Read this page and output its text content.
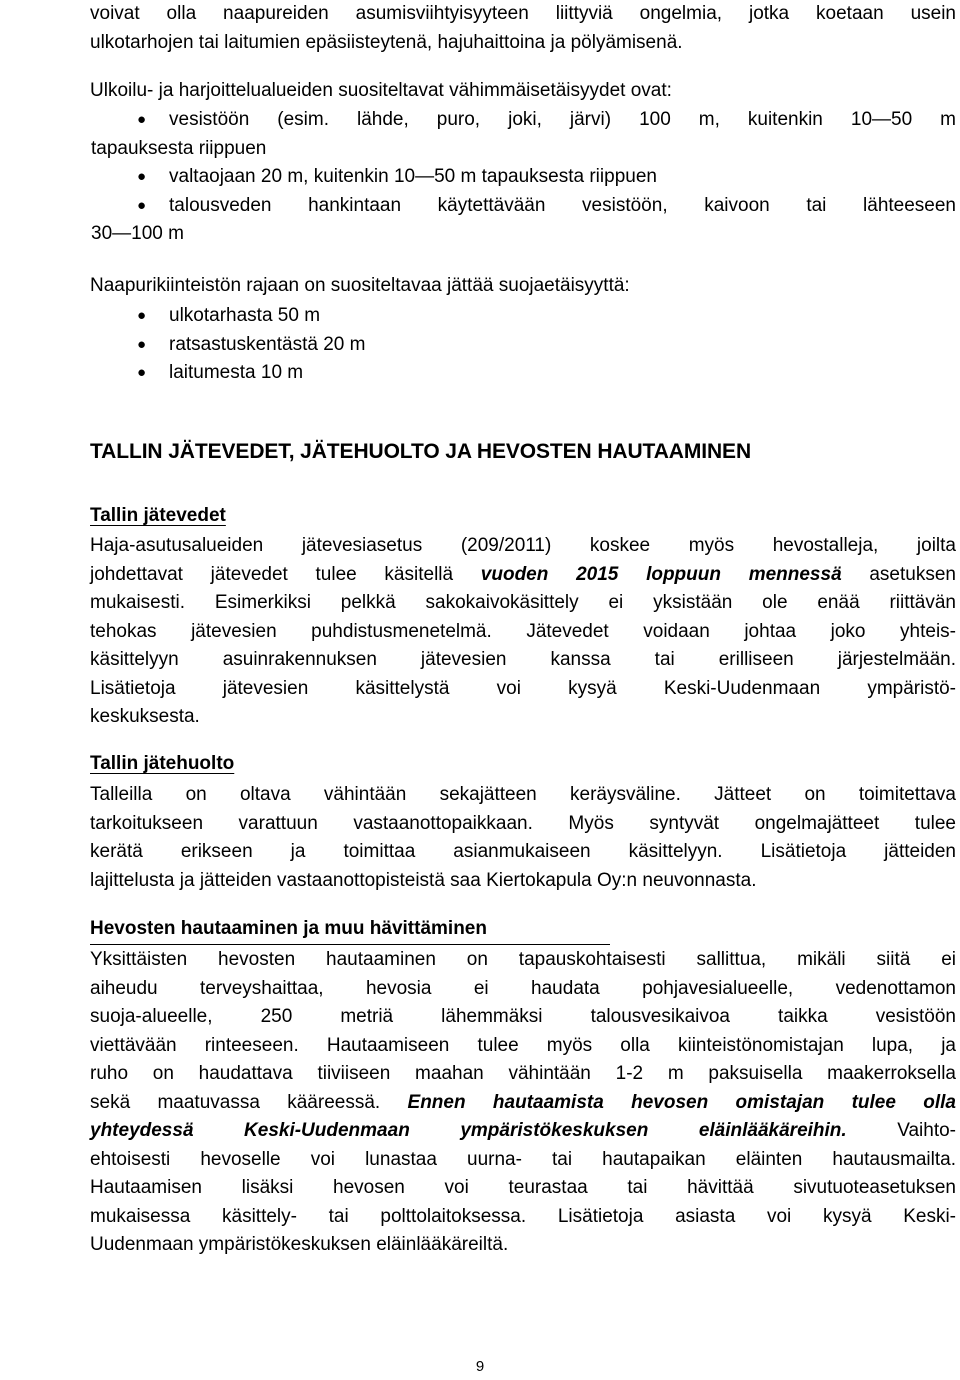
voivat olla naapureiden asumisviihtyisyyteen liittyviä ongelmia, jotka koetaan usein
ulkotarhojen tai laitumien epäsiisteytenä, hajuhaittoina ja pölyämisenä.

Ulkoilu- ja harjoittelualueiden suositeltavat vähimmäisetäisyydet ovat:

●	vesistöön (esim. lähde, puro, joki, järvi) 100 m, kuitenkin 10—50 m
tapauksesta riippuen
● valtaojaan 20 m, kuitenkin 10—50 m tapauksesta riippuen
● talousveden hankintaan käytettävään vesistöön, kaivoon tai lähteeseen
30—100 m

Naapurikiinteistön rajaan on suositeltavaa jättää suojaetäisyyttä:

● ulkotarhasta 50 m
● ratsastuskentästä 20 m
● laitumesta 10 m
TALLIN JÄTEVEDET, JÄTEHUOLTO JA HEVOSTEN HAUTAAMINEN
Tallin jätevedet

Haja-asutusalueiden jätevesiasetus (209/2011) koskee myös hevostalleja, joilta
johdettavat jätevedet tulee käsitellä vuoden 2015 loppuun mennessä asetuksen
mukaisesti. Esimerkiksi pelkkä sakokaivokäsittely ei yksistään ole enää riittävän
tehokas jätevesien puhdistusmenetelmä. Jätevedet voidaan johtaa joko yhteis-
käsittelyyn asuinrakennuksen jätevesien kanssa tai erilliseen järjestelmään.
Lisätietoja jätevesien käsittelystä voi kysyä Keski-Uudenmaan ympäristö-
keskuksesta.

Tallin jätehuolto

Talleilla on oltava vähintään sekajätteen keräysväline. Jätteet on toimitettava
tarkoitukseen varattuun vastaanottopaikkaan. Myös syntyvät ongelmajätteet tulee
kerätä erikseen ja toimittaa asianmukaiseen käsittelyyn. Lisätietoja jätteiden
lajittelusta ja jätteiden vastaanottopisteistä saa Kiertokapula Oy:n neuvonnasta.

Hevosten hautaaminen ja muu hävittäminen

Yksittäisten hevosten hautaaminen on tapauskohtaisesti sallittua, mikäli siitä ei
aiheudu terveyshaittaa, hevosia ei haudata pohjavesialueelle, vedenottamon
suoja-alueelle, 250 metriä lähemmäksi talousvesikaivoa taikka vesistöön
viettävään rinteeseen. Hautaamiseen tulee myös olla kiinteistönomistajan lupa, ja
ruho on haudattava tiiviiseen maahan vähintään 1-2 m paksuisella maakerroksella
sekä maatuvassa kääreessä. Ennen hautaamista hevosen omistajan tulee olla
yhteydessä Keski-Uudenmaan ympäristökeskuksen eläinlääkäreihin. Vaihto-
ehtoisesti hevoselle voi lunastaa uurna- tai hautapaikan eläinten hautausmailta.
Hautaamisen lisäksi hevosen voi teurastaa tai hävittää sivutuoteasetuksen
mukaisessa käsittely- tai polttolaitoksessa. Lisätietoja asiasta voi kysyä Keski-
Uudenmaan ympäristökeskuksen eläinlääkäreiltä.

9
